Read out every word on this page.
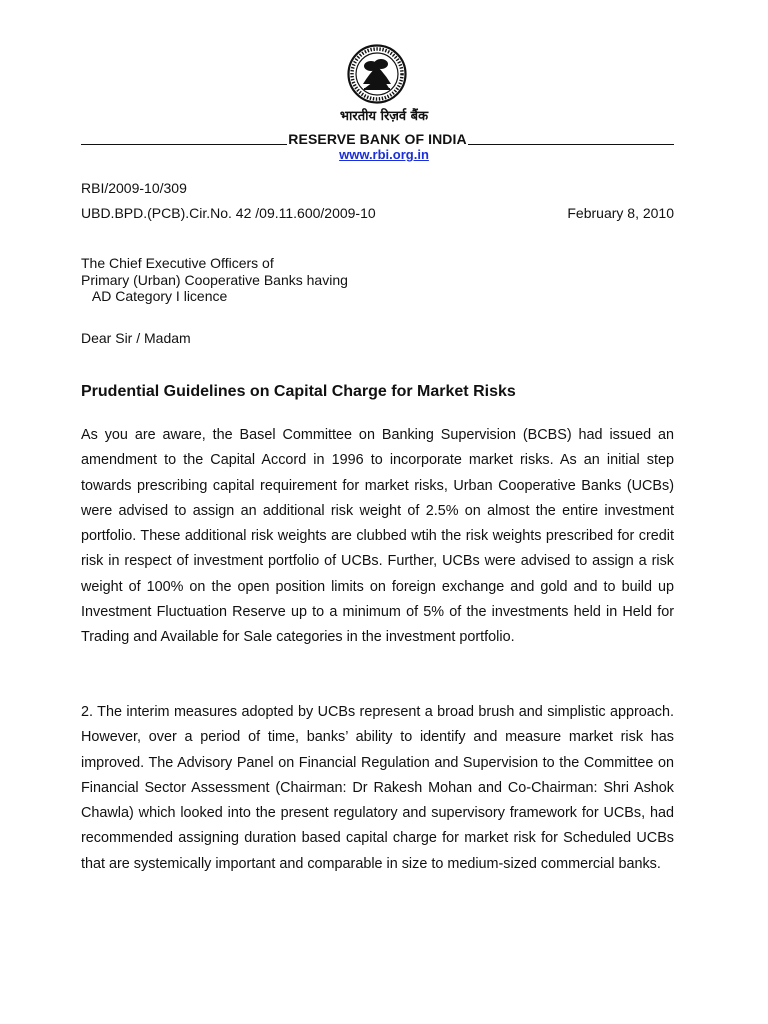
भारतीय रिज़र्व बैंक
RESERVE BANK OF INDIA
www.rbi.org.in
RBI/2009-10/309
UBD.BPD.(PCB).Cir.No. 42 /09.11.600/2009-10	February 8, 2010
The Chief Executive Officers of
Primary (Urban) Cooperative Banks having
AD Category I licence
Dear Sir / Madam
Prudential Guidelines on Capital Charge for Market Risks

As you are aware, the Basel Committee on Banking Supervision (BCBS) had issued an amendment to the Capital Accord in 1996 to incorporate market risks. As an initial step towards prescribing capital requirement for market risks, Urban Cooperative Banks (UCBs) were advised to assign an additional risk weight of 2.5% on almost the entire investment portfolio. These additional risk weights are clubbed wtih the risk weights prescribed for credit risk in respect of investment portfolio of UCBs. Further, UCBs were advised to assign a risk weight of 100% on the open position limits on foreign exchange and gold and to build up Investment Fluctuation Reserve up to a minimum of 5% of the investments held in Held for Trading and Available for Sale categories in the investment portfolio.

2. The interim measures adopted by UCBs represent a broad brush and simplistic approach. However, over a period of time, banks’ ability to identify and measure market risk has improved. The Advisory Panel on Financial Regulation and Supervision to the Committee on Financial Sector Assessment (Chairman: Dr Rakesh Mohan and Co-Chairman: Shri Ashok Chawla) which looked into the present regulatory and supervisory framework for UCBs, had recommended assigning duration based capital charge for market risk for Scheduled UCBs that are systemically important and comparable in size to medium-sized commercial banks.
